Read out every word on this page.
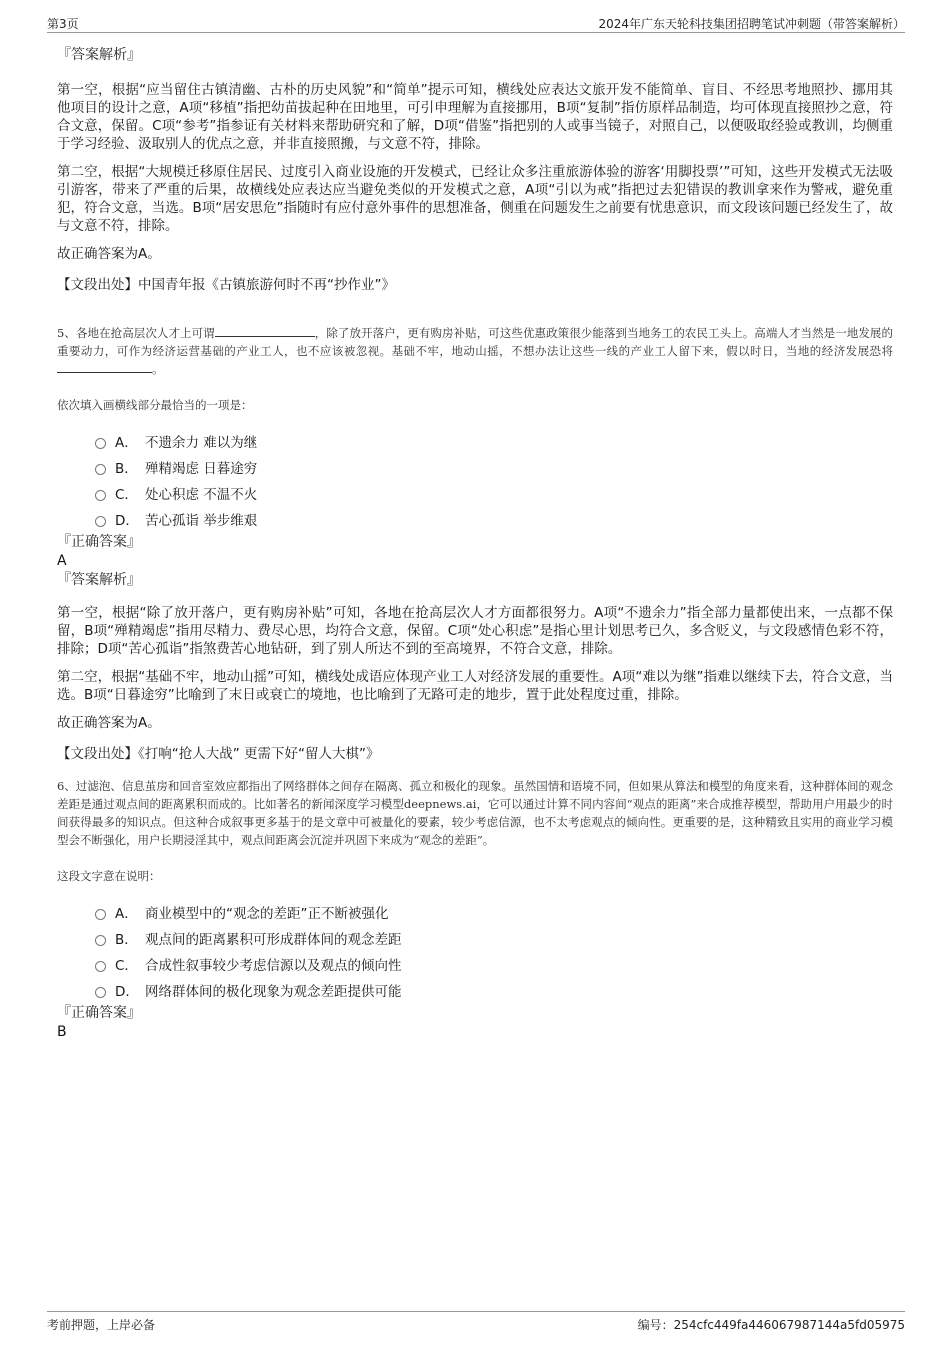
第3页	2024年广东天轮科技集团招聘笔试冲刺题（带答案解析）

『答案解析』

第一空，根据“应当留住古镇清幽、古朴的历史风貌”和“简单”提示可知，横线处应表达文旅开发不能简单、盲目、不经思考地照抄、挪用其他项目的设计之意，A项“移植”指把幼苗拔起种在田地里，可引申理解为直接挪用，B项“复制”指仿原样品制造，均可体现直接照抄之意，符合文意，保留。C项“参考”指参证有关材料来帮助研究和了解，D项“借鉴”指把别的人或事当镜子，对照自己，以便吸取经验或教训，均侧重于学习经验、汲取别人的优点之意，并非直接照搬，与文意不符，排除。

第二空，根据“大规模迁移原住居民、过度引入商业设施的开发模式，已经让众多注重旅游体验的游客‘用脚投票’”可知，这些开发模式无法吸引游客，带来了严重的后果，故横线处应表达应当避免类似的开发模式之意，A项“引以为戒”指把过去犯错误的教训拿来作为警戒，避免重犯，符合文意，当选。B项“居安思危”指随时有应付意外事件的思想准备，侧重在问题发生之前要有忧患意识，而文段该问题已经发生了，故与文意不符，排除。

故正确答案为A。

【文段出处】中国青年报《古镇旅游何时不再“抄作业”》

5、各地在抢高层次人才上可谓	，除了放开落户，更有购房补贴，可这些优惠政策很少能落到当地务工的农民工头上。高端人才当然是一地发展的重要动力，可作为经济运营基础的产业工人，也不应该被忽视。基础不牢，地动山摇，不想办法让这些一线的产业工人留下来，假以时日，当地的经济发展恐将。

依次填入画横线部分最恰当的一项是：

A． 不遗余力 难以为继
B． 殚精竭虑 日暮途穷
C． 处心积虑 不温不火
D． 苦心孤诣 举步维艰

『正确答案』

A

『答案解析』

第一空，根据“除了放开落户，更有购房补贴”可知，各地在抢高层次人才方面都很努力。A项“不遗余力”指全部力量都使出来，一点都不保留，B项“殚精竭虑”指用尽精力、费尽心思，均符合文意，保留。C项“处心积虑”是指心里计划思考已久，多含贬义，与文段感情色彩不符，排除；D项“苦心孤诣”指煞费苦心地钻研，到了别人所达不到的至高境界，不符合文意，排除。

第二空，根据“基础不牢，地动山摇”可知，横线处成语应体现产业工人对经济发展的重要性。A项“难以为继”指难以继续下去，符合文意，当选。B项“日暮途穷”比喻到了末日或衰亡的境地，也比喻到了无路可走的地步，置于此处程度过重，排除。

故正确答案为A。

【文段出处】《打响“抢人大战” 更需下好“留人大棋”》

6、过滤泡、信息茧房和回音室效应都指出了网络群体之间存在隔离、孤立和极化的现象。虽然国情和语境不同，但如果从算法和模型的角度来看，这种群体间的观念差距是通过观点间的距离累积而成的。比如著名的新闻深度学习模型deepnews.ai，它可以通过计算不同内容间“观点的距离”来合成推荐模型，帮助用户用最少的时间获得最多的知识点。但这种合成叙事更多基于的是文章中可被量化的要素，较少考虑信源，也不太考虑观点的倾向性。更重要的是，这种精致且实用的商业学习模型会不断强化，用户长期浸淫其中，观点间距离会沉淀并巩固下来成为“观念的差距”。

这段文字意在说明：

A． 商业模型中的“观念的差距”正不断被强化
B． 观点间的距离累积可形成群体间的观念差距
C． 合成性叙事较少考虑信源以及观点的倾向性
D． 网络群体间的极化现象为观念差距提供可能

『正确答案』

B

考前押题，上岸必备	编号：254cfc449fa446067987144a5fd05975
